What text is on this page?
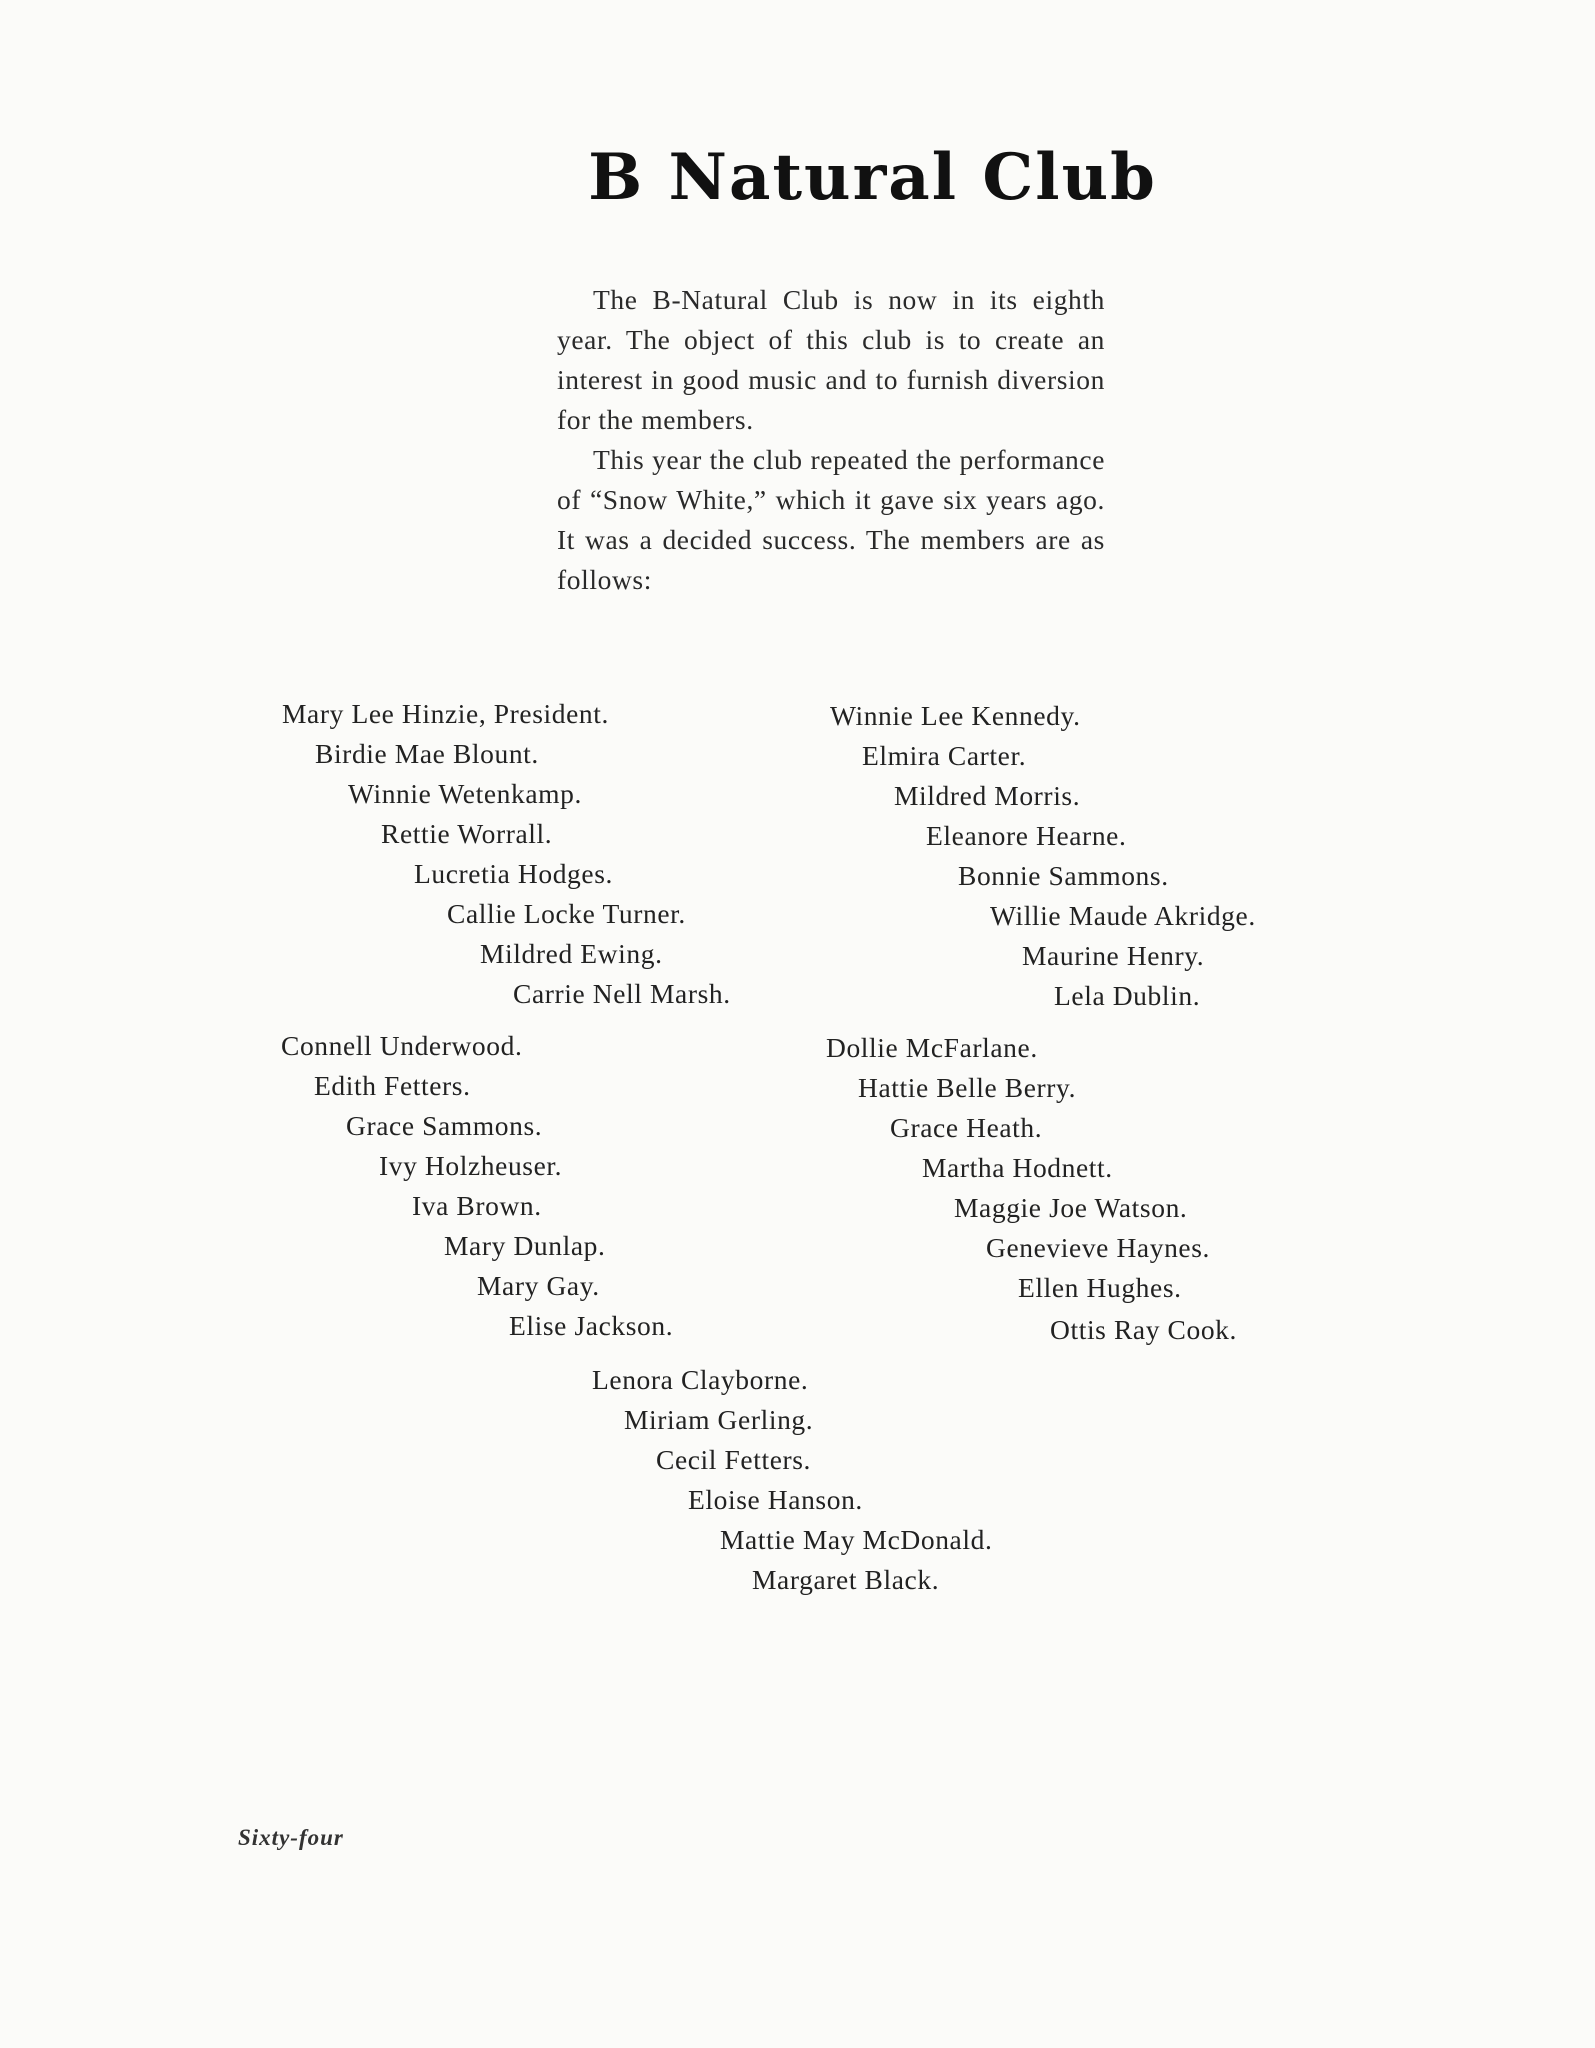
B Natural Club

The B-Natural Club is now in its eighth year. The object of this club is to create an interest in good music and to furnish diversion for the members.

This year the club repeated the performance of “Snow White,” which it gave six years ago. It was a decided success. The members are as follows:

Mary Lee Hinzie, President.
Birdie Mae Blount.
Winnie Wetenkamp.
Rettie Worrall.
Lucretia Hodges.
Callie Locke Turner.
Mildred Ewing.
Carrie Nell Marsh.
Winnie Lee Kennedy.
Elmira Carter.
Mildred Morris.
Eleanore Hearne.
Bonnie Sammons.
Willie Maude Akridge.
Maurine Henry.
Lela Dublin.
Connell Underwood.
Edith Fetters.
Grace Sammons.
Ivy Holzheuser.
Iva Brown.
Mary Dunlap.
Mary Gay.
Elise Jackson.
Dollie McFarlane.
Hattie Belle Berry.
Grace Heath.
Martha Hodnett.
Maggie Joe Watson.
Genevieve Haynes.
Ellen Hughes.
Ottis Ray Cook.
Lenora Clayborne.
Miriam Gerling.
Cecil Fetters.
Eloise Hanson.
Mattie May McDonald.
Margaret Black.
Sixty-four
